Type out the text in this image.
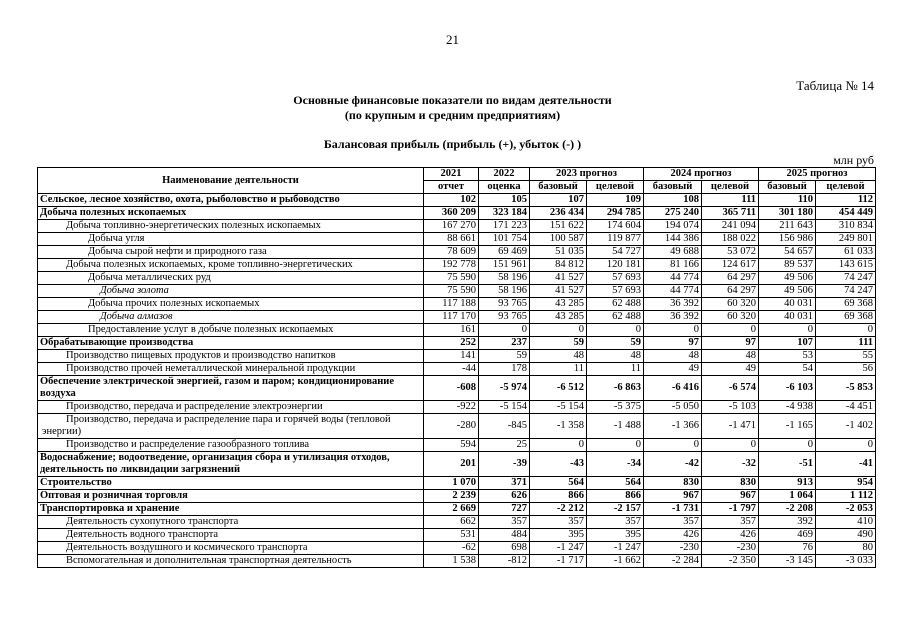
21
Таблица № 14
Основные финансовые показатели по видам деятельности
(по крупным и средним предприятиям)
Балансовая прибыль (прибыль (+), убыток (-) )
млн руб
Наименование деятельности	2021	2022	2023 прогноз		2024 прогноз		2025 прогноз	
	отчет	оценка	базовый	целевой	базовый	целевой	базовый	целевой
Сельское, лесное хозяйство, охота, рыболовство и рыбоводство	102	105	107	109	108	111	110	112
Добыча полезных ископаемых	360 209	323 184	236 434	294 785	275 240	365 711	301 180	454 449
Добыча топливно-энергетических полезных ископаемых	167 270	171 223	151 622	174 604	194 074	241 094	211 643	310 834
Добыча угля	88 661	101 754	100 587	119 877	144 386	188 022	156 986	249 801
Добыча сырой нефти и природного газа	78 609	69 469	51 035	54 727	49 688	53 072	54 657	61 033
Добыча полезных ископаемых, кроме топливно-энергетических	192 778	151 961	84 812	120 181	81 166	124 617	89 537	143 615
Добыча металлических руд	75 590	58 196	41 527	57 693	44 774	64 297	49 506	74 247
Добыча золота	75 590	58 196	41 527	57 693	44 774	64 297	49 506	74 247
Добыча прочих полезных ископаемых	117 188	93 765	43 285	62 488	36 392	60 320	40 031	69 368
Добыча алмазов	117 170	93 765	43 285	62 488	36 392	60 320	40 031	69 368
Предоставление услуг в добыче полезных ископаемых	161	0	0	0	0	0	0	0
Обрабатывающие производства	252	237	59	59	97	97	107	111
Производство пищевых продуктов и производство напитков	141	59	48	48	48	48	53	55
Производство прочей неметаллической минеральной продукции	-44	178	11	11	49	49	54	56
Обеспечение электрической энергией, газом и паром; кондиционирование воздуха	-608	-5 974	-6 512	-6 863	-6 416	-6 574	-6 103	-5 853
Производство, передача и распределение электроэнергии	-922	-5 154	-5 154	-5 375	-5 050	-5 103	-4 938	-4 451
Производство, передача и распределение пара и горячей воды (тепловой энергии)	-280	-845	-1 358	-1 488	-1 366	-1 471	-1 165	-1 402
Производство и распределение газообразного топлива	594	25	0	0	0	0	0	0
Водоснабжение; водоотведение, организация сбора и утилизация отходов, деятельность по ликвидации загрязнений	201	-39	-43	-34	-42	-32	-51	-41
Строительство	1 070	371	564	564	830	830	913	954
Оптовая и розничная торговля	2 239	626	866	866	967	967	1 064	1 112
Транспортировка и хранение	2 669	727	-2 212	-2 157	-1 731	-1 797	-2 208	-2 053
Деятельность сухопутного транспорта	662	357	357	357	357	357	392	410
Деятельность водного транспорта	531	484	395	395	426	426	469	490
Деятельность воздушного и космического транспорта	-62	698	-1 247	-1 247	-230	-230	76	80
Вспомогательная и дополнительная транспортная деятельность	1 538	-812	-1 717	-1 662	-2 284	-2 350	-3 145	-3 033
